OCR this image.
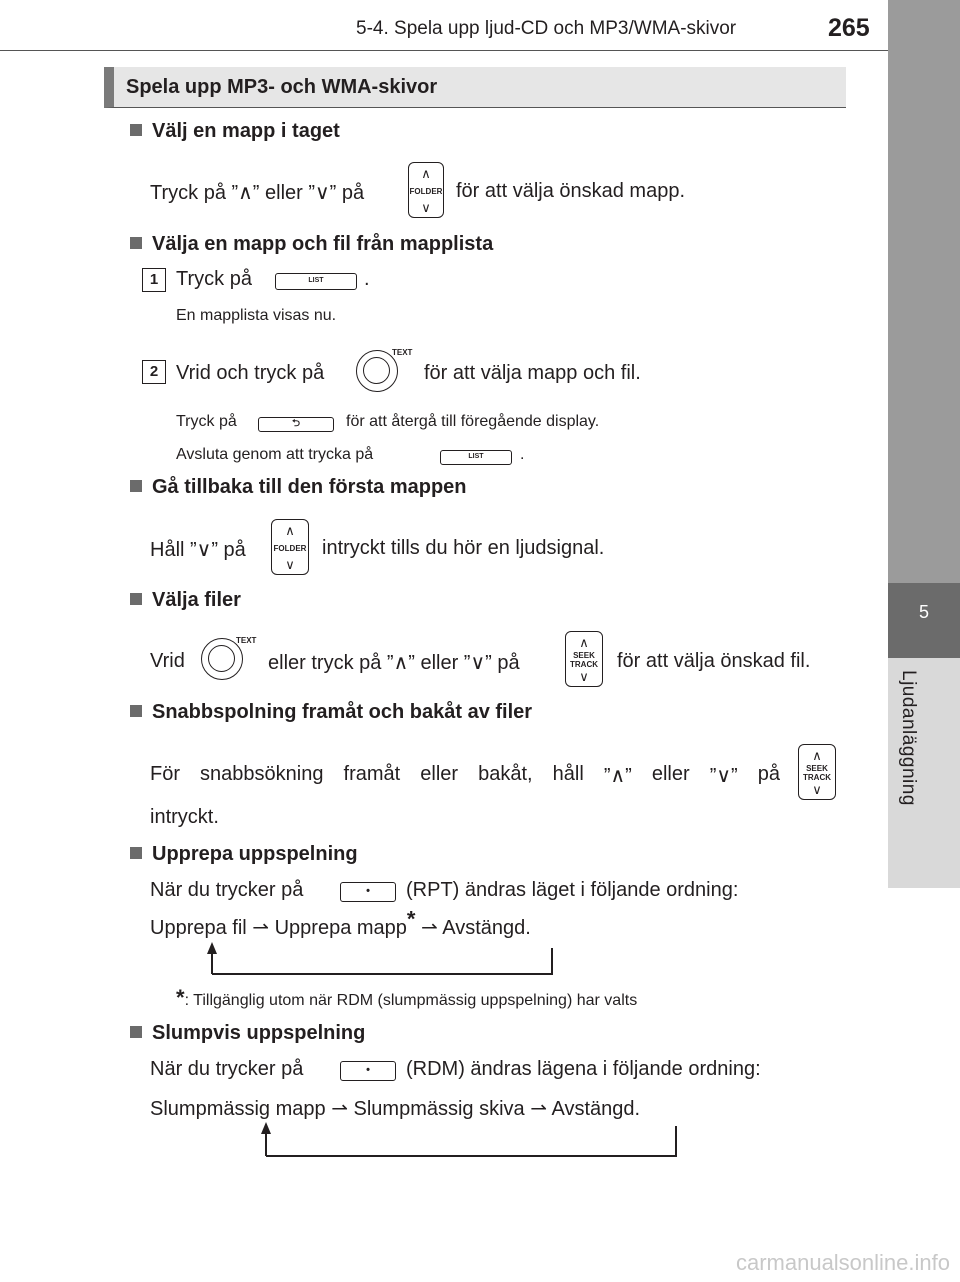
5-4. Spela upp ljud-CD och MP3/WMA-skivor	265
5
Ljudanläggning
Spela upp MP3- och WMA-skivor
Välj en mapp i taget
Tryck på ”∧” eller ”∨” på
∧
FOLDER
∨
för att välja önskad mapp.
Välja en mapp och fil från mapplista
1 Tryck på	LIST	.
En mapplista visas nu.
2 Vrid och tryck på
TEXT
för att välja mapp och fil.
Tryck på	⮌	för att återgå till föregående display.
Avsluta genom att trycka på	LIST	.
Gå tillbaka till den första mappen
Håll ”∨” på
∧
FOLDER
∨
intryckt tills du hör en ljudsignal.
Välja filer
Vrid
TEXT
eller tryck på ”∧” eller ”∨” på
∧
SEEK
TRACK
∨
för att välja önskad fil.
Snabbspolning framåt och bakåt av filer
För snabbsökning framåt eller bakåt, håll ”∧” eller ”∨” på
∧
SEEK
TRACK
∨
intryckt.
Upprepa uppspelning
När du trycker på	•	(RPT) ändras läget i följande ordning:
Upprepa fil ⇀ Upprepa mapp* ⇀ Avstängd.
*: Tillgänglig utom när RDM (slumpmässig uppspelning) har valts
Slumpvis uppspelning
När du trycker på	•	(RDM) ändras lägena i följande ordning:
Slumpmässig mapp ⇀ Slumpmässig skiva ⇀ Avstängd.
carmanualsonline.info
